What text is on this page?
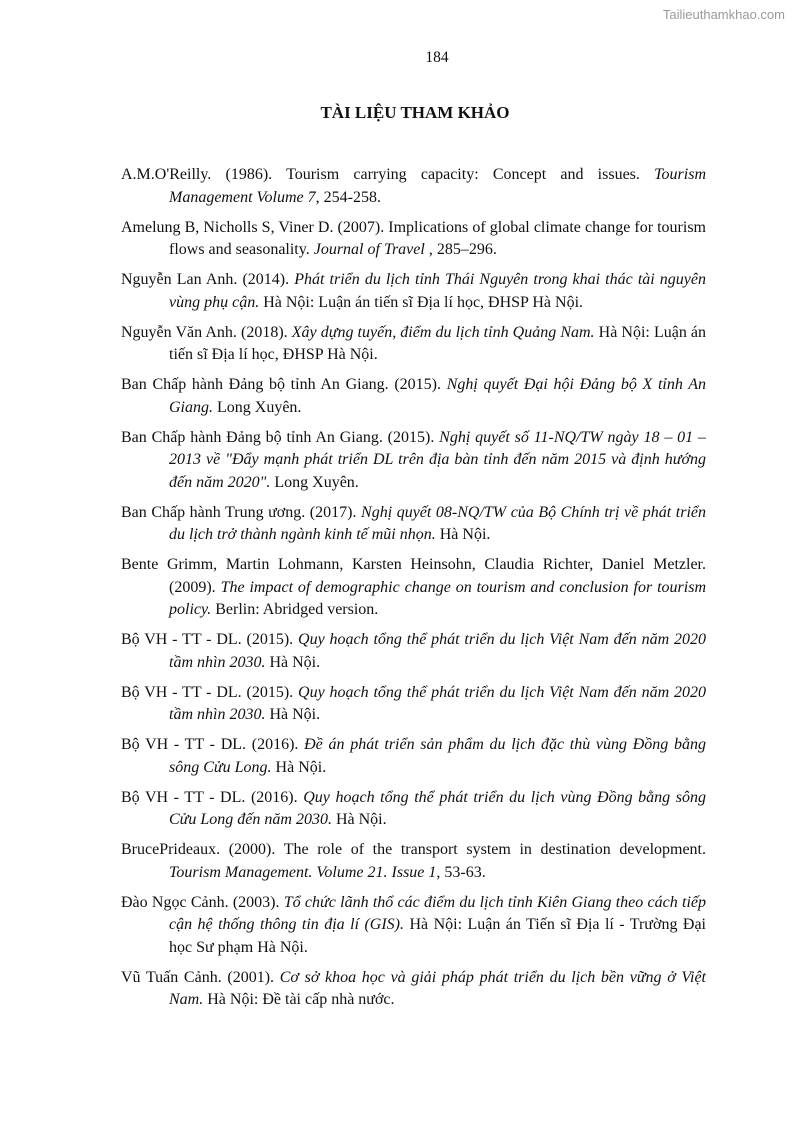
Tailieuthamkhao.com
184
TÀI LIỆU THAM KHẢO

A.M.O'Reilly. (1986). Tourism carrying capacity: Concept and issues. Tourism Management Volume 7, 254-258.

Amelung B, Nicholls S, Viner D. (2007). Implications of global climate change for tourism flows and seasonality. Journal of Travel , 285–296.

Nguyễn Lan Anh. (2014). Phát triển du lịch tỉnh Thái Nguyên trong khai thác tài nguyên vùng phụ cận. Hà Nội: Luận án tiến sĩ Địa lí học, ĐHSP Hà Nội.

Nguyễn Văn Anh. (2018). Xây dựng tuyến, điểm du lịch tỉnh Quảng Nam. Hà Nội: Luận án tiến sĩ Địa lí học, ĐHSP Hà Nội.

Ban Chấp hành Đảng bộ tỉnh An Giang. (2015). Nghị quyết Đại hội Đảng bộ X tỉnh An Giang. Long Xuyên.

Ban Chấp hành Đảng bộ tỉnh An Giang. (2015). Nghị quyết số 11-NQ/TW ngày 18 – 01 – 2013 về "Đẩy mạnh phát triển DL trên địa bàn tỉnh đến năm 2015 và định hướng đến năm 2020". Long Xuyên.

Ban Chấp hành Trung ương. (2017). Nghị quyết 08-NQ/TW của Bộ Chính trị về phát triển du lịch trở thành ngành kinh tế mũi nhọn. Hà Nội.

Bente Grimm, Martin Lohmann, Karsten Heinsohn, Claudia Richter, Daniel Metzler. (2009). The impact of demographic change on tourism and conclusion for tourism policy. Berlin: Abridged version.

Bộ VH - TT - DL. (2015). Quy hoạch tổng thể phát triển du lịch Việt Nam đến năm 2020 tầm nhìn 2030. Hà Nội.

Bộ VH - TT - DL. (2015). Quy hoạch tổng thể phát triển du lịch Việt Nam đến năm 2020 tầm nhìn 2030. Hà Nội.

Bộ VH - TT - DL. (2016). Đề án phát triển sản phẩm du lịch đặc thù vùng Đồng bằng sông Cửu Long. Hà Nội.

Bộ VH - TT - DL. (2016). Quy hoạch tổng thể phát triển du lịch vùng Đồng bằng sông Cửu Long đến năm 2030. Hà Nội.

BrucePrideaux. (2000). The role of the transport system in destination development. Tourism Management. Volume 21. Issue 1, 53-63.

Đào Ngọc Cảnh. (2003). Tổ chức lãnh thổ các điểm du lịch tỉnh Kiên Giang theo cách tiếp cận hệ thống thông tin địa lí (GIS). Hà Nội: Luận án Tiến sĩ Địa lí - Trường Đại học Sư phạm Hà Nội.

Vũ Tuấn Cảnh. (2001). Cơ sở khoa học và giải pháp phát triển du lịch bền vững ở Việt Nam. Hà Nội: Đề tài cấp nhà nước.
